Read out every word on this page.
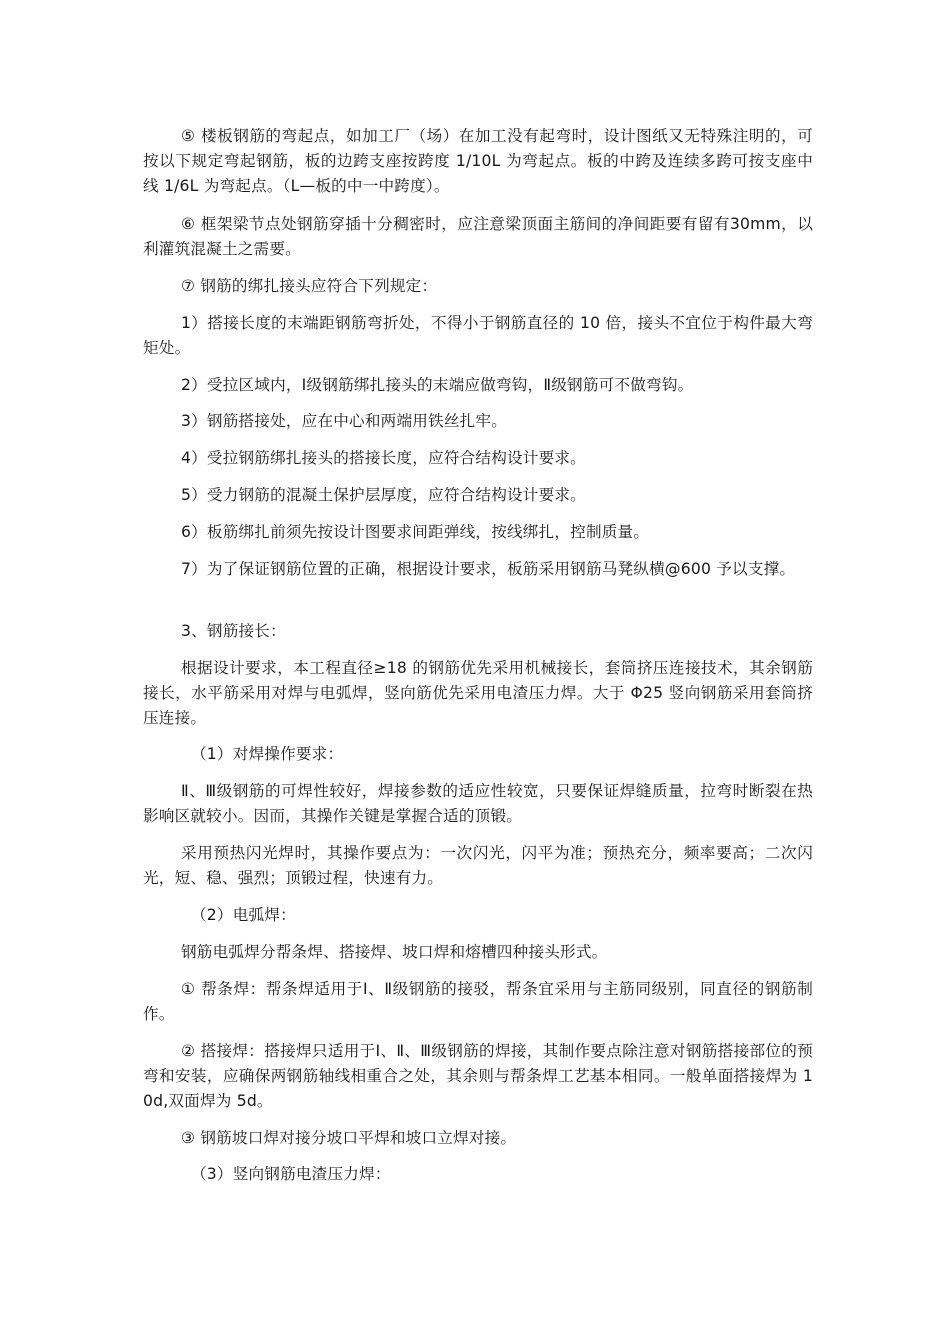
⑤ 楼板钢筋的弯起点，如加工厂（场）在加工没有起弯时，设计图纸又无特殊注明的，可按以下规定弯起钢筋，板的边跨支座按跨度 1/10L 为弯起点。板的中跨及连续多跨可按支座中线 1/6L 为弯起点。（L—板的中一中跨度）。
⑥ 框架梁节点处钢筋穿插十分稠密时，应注意梁顶面主筋间的净间距要有留有30mm，以利灌筑混凝土之需要。
⑦ 钢筋的绑扎接头应符合下列规定：
1）搭接长度的末端距钢筋弯折处，不得小于钢筋直径的 10 倍，接头不宜位于构件最大弯矩处。
2）受拉区域内，Ⅰ级钢筋绑扎接头的末端应做弯钩，Ⅱ级钢筋可不做弯钩。
3）钢筋搭接处，应在中心和两端用铁丝扎牢。
4）受拉钢筋绑扎接头的搭接长度，应符合结构设计要求。
5）受力钢筋的混凝土保护层厚度，应符合结构设计要求。
6）板筋绑扎前须先按设计图要求间距弹线，按线绑扎，控制质量。
7）为了保证钢筋位置的正确，根据设计要求，板筋采用钢筋马凳纵横@600 予以支撑。
3、钢筋接长：
根据设计要求，本工程直径≥18 的钢筋优先采用机械接长，套筒挤压连接技术，其余钢筋接长，水平筋采用对焊与电弧焊，竖向筋优先采用电渣压力焊。大于 Φ25 竖向钢筋采用套筒挤压连接。
（1）对焊操作要求：
Ⅱ、Ⅲ级钢筋的可焊性较好，焊接参数的适应性较宽，只要保证焊缝质量，拉弯时断裂在热影响区就较小。因而，其操作关键是掌握合适的顶锻。
采用预热闪光焊时，其操作要点为：一次闪光，闪平为准；预热充分，频率要高；二次闪光，短、稳、强烈；顶锻过程，快速有力。
（2）电弧焊：
钢筋电弧焊分帮条焊、搭接焊、坡口焊和熔槽四种接头形式。
① 帮条焊：帮条焊适用于Ⅰ、Ⅱ级钢筋的接驳，帮条宜采用与主筋同级别，同直径的钢筋制作。
② 搭接焊：搭接焊只适用于Ⅰ、Ⅱ、Ⅲ级钢筋的焊接，其制作要点除注意对钢筋搭接部位的预弯和安装，应确保两钢筋轴线相重合之处，其余则与帮条焊工艺基本相同。一般单面搭接焊为 10d,双面焊为 5d。
③ 钢筋坡口焊对接分坡口平焊和坡口立焊对接。
（3）竖向钢筋电渣压力焊：
